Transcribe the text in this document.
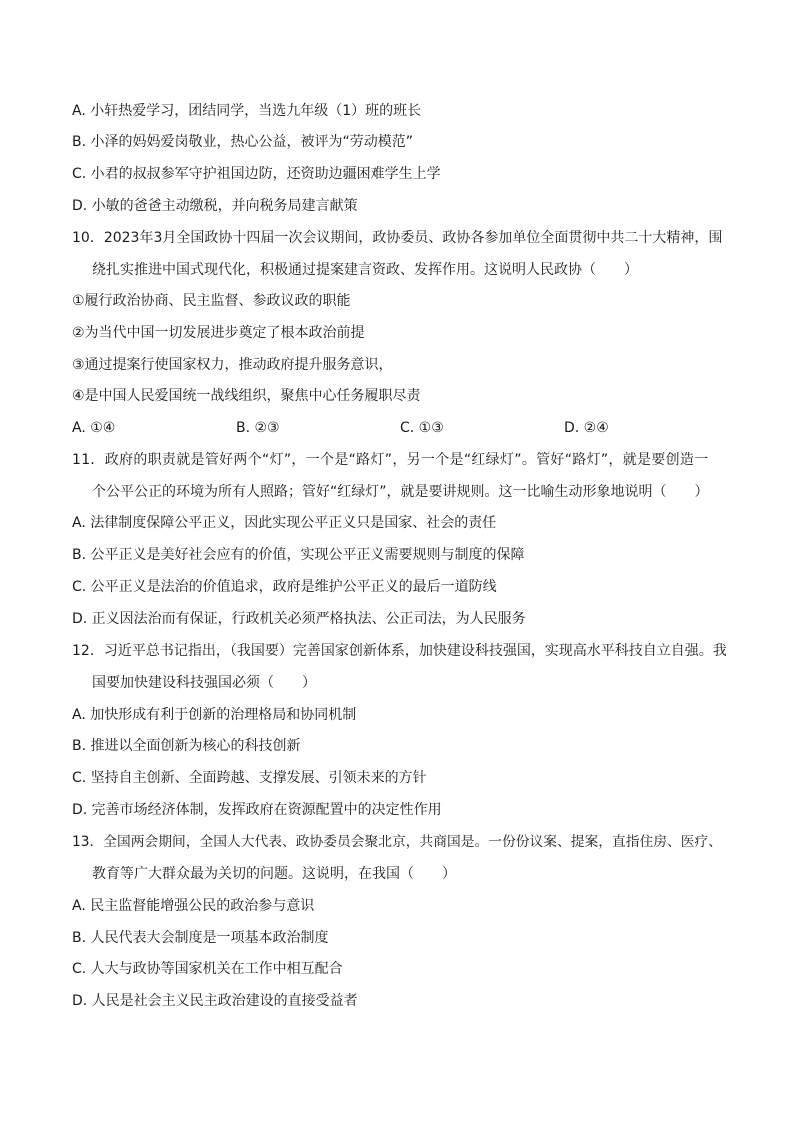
A. 小轩热爱学习，团结同学，当选九年级（1）班的班长
B. 小泽的妈妈爱岗敬业，热心公益，被评为“劳动模范”
C. 小君的叔叔参军守护祖国边防，还资助边疆困难学生上学
D. 小敏的爸爸主动缴税，并向税务局建言献策
10．2023年3月全国政协十四届一次会议期间，政协委员、政协各参加单位全面贯彻中共二十大精神，围
绕扎实推进中国式现代化，积极通过提案建言资政、发挥作用。这说明人民政协（　　）
①履行政治协商、民主监督、参政议政的职能
②为当代中国一切发展进步奠定了根本政治前提
③通过提案行使国家权力，推动政府提升服务意识，
④是中国人民爱国统一战线组织，聚焦中心任务履职尽责
A. ①④	B. ②③	C. ①③	D. ②④
11．政府的职责就是管好两个“灯”，一个是“路灯”，另一个是“红绿灯”。管好“路灯”，就是要创造一
个公平公正的环境为所有人照路；管好“红绿灯”，就是要讲规则。这一比喻生动形象地说明（　　）
A. 法律制度保障公平正义，因此实现公平正义只是国家、社会的责任
B. 公平正义是美好社会应有的价值，实现公平正义需要规则与制度的保障
C. 公平正义是法治的价值追求，政府是维护公平正义的最后一道防线
D. 正义因法治而有保证，行政机关必须严格执法、公正司法，为人民服务
12．习近平总书记指出，（我国要）完善国家创新体系，加快建设科技强国，实现高水平科技自立自强。我
国要加快建设科技强国必须（　　）
A. 加快形成有利于创新的治理格局和协同机制
B. 推进以全面创新为核心的科技创新
C. 坚持自主创新、全面跨越、支撑发展、引领未来的方针
D. 完善市场经济体制，发挥政府在资源配置中的决定性作用
13．全国两会期间，全国人大代表、政协委员会聚北京，共商国是。一份份议案、提案，直指住房、医疗、
教育等广大群众最为关切的问题。这说明，在我国（　　）
A. 民主监督能增强公民的政治参与意识
B. 人民代表大会制度是一项基本政治制度
C. 人大与政协等国家机关在工作中相互配合
D. 人民是社会主义民主政治建设的直接受益者
